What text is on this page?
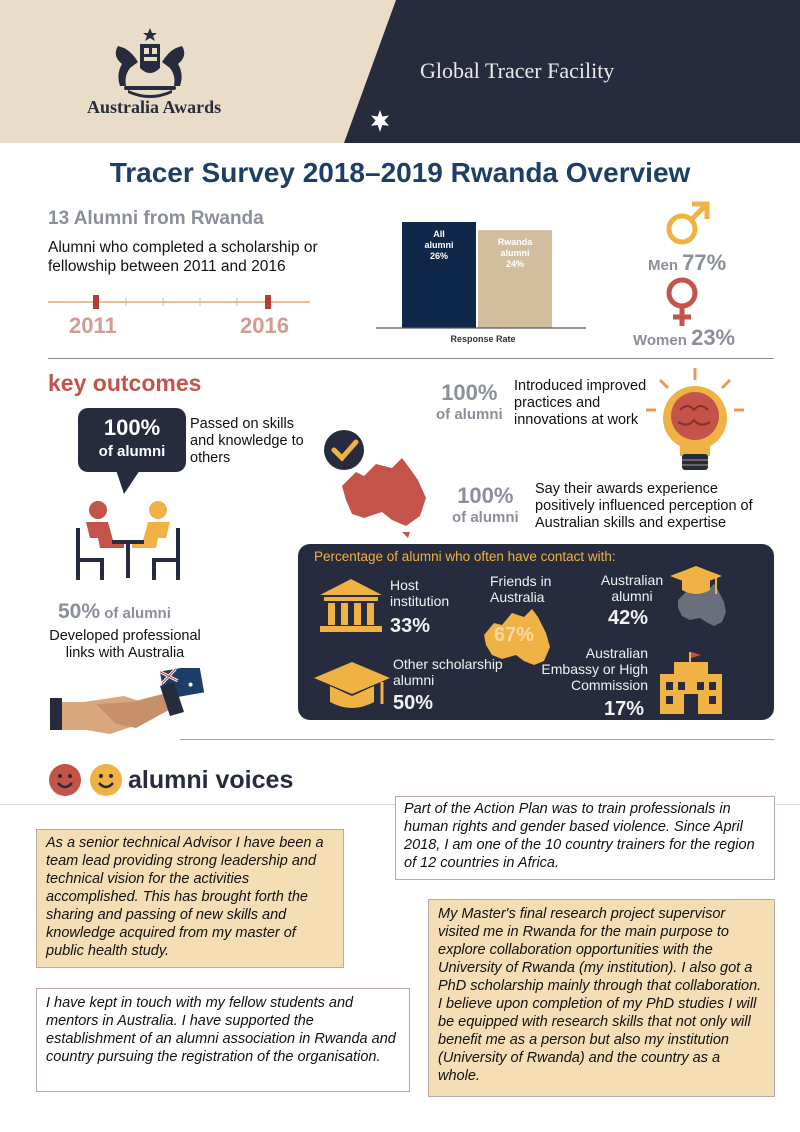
Australia Awards
Global Tracer Facility
Tracer Survey 2018–2019 Rwanda Overview
13 Alumni from Rwanda
Alumni who completed a scholarship or fellowship between 2011 and 2016
2011	2016
All
alumni
26%
Rwanda
alumni
24%
Response Rate
Men 77%
Women 23%
key outcomes
100%
of alumni
Passed on skills and knowledge to others
50% of alumni
Developed professional links with Australia
100%
of alumni
Introduced improved practices and innovations at work
100%
of alumni
Say their awards experience positively influenced perception of Australian skills and expertise
Percentage of alumni who often have contact with:
Host institution
33%
Friends in Australia
67%
Australian alumni
42%
Other scholarship alumni
50%
Australian Embassy or High Commission
17%
alumni voices
As a senior technical Advisor I have been a team lead providing strong leadership and technical vision for the activities accomplished. This has brought forth the sharing and passing of new skills and knowledge acquired from my master of public health study.
Part of the Action Plan was to train professionals in human rights and gender based violence. Since April 2018, I am one of the 10 country trainers for the region of 12 countries in Africa.
I have kept in touch with my fellow students and mentors in Australia. I have supported the establishment of an alumni association in Rwanda and country pursuing the registration of the organisation.
My Master's final research project supervisor visited me in Rwanda for the main purpose to explore collaboration opportunities with the University of Rwanda (my institution). I also got a PhD scholarship mainly through that collaboration. I believe upon completion of my PhD studies I will be equipped with research skills that not only will benefit me as a person but also my institution (University of Rwanda) and the country as a whole.
